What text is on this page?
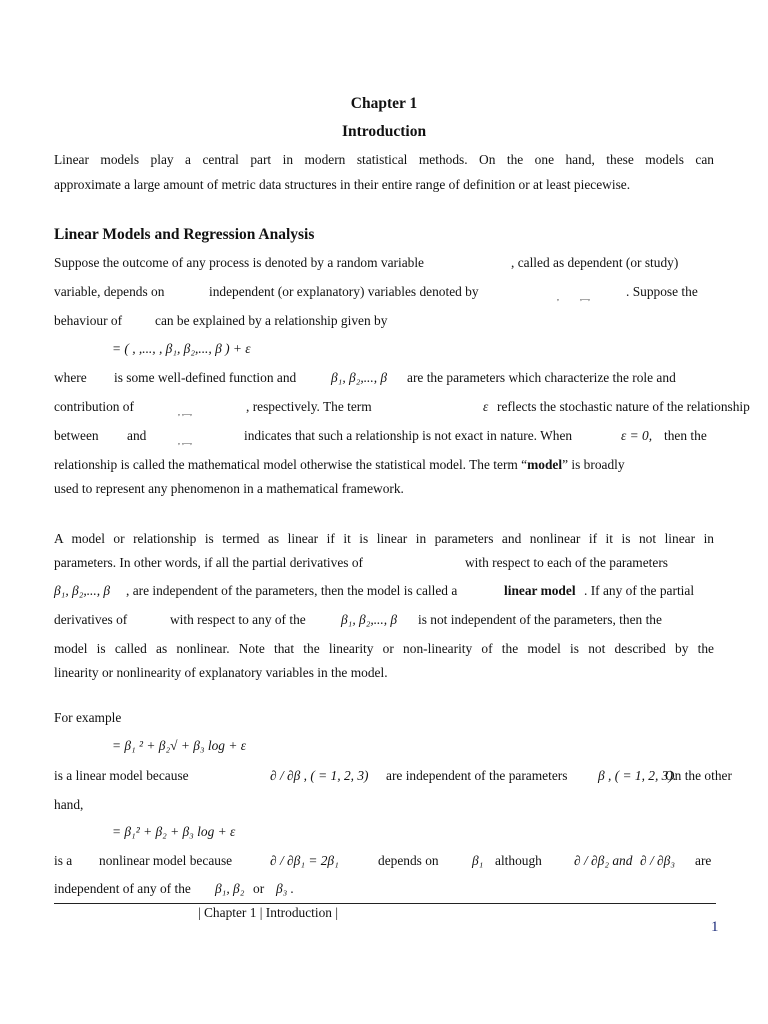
Chapter 1
Introduction
Linear models play a central part in modern statistical methods. On the one hand, these models can
approximate a large amount of metric data structures in their entire range of definition or at least piecewise.
Linear Models and Regression Analysis
Suppose the outcome of any process is denoted by a random variable	, called as dependent (or study)
variable, depends on	independent (or explanatory) variables denoted by	,	,...,	. Suppose the
behaviour of can be explained by a relationship given by
= ( , ,..., , β₁, β₂,..., β ) + ε
where is some well-defined function and	β₁, β₂,..., β are the parameters which characterize the role and
contribution of	, ,...,	, respectively. The term	ε reflects the stochastic nature of the relationship
between and	, ,...,	indicates that such a relationship is not exact in nature. When	ε = 0, then the
relationship is called the mathematical model otherwise the statistical model. The term “model” is broadly
used to represent any phenomenon in a mathematical framework.
A model or relationship is termed as linear if it is linear in parameters and nonlinear if it is not linear in
parameters. In other words, if all the partial derivatives of	with respect to each of the parameters
β₁, β₂,..., β , are independent of the parameters, then the model is called a	linear model . If any of the partial
derivatives of	with respect to any of the	β₁, β₂,..., β is not independent of the parameters, then the
model is called as nonlinear. Note that the linearity or non-linearity of the model is not described by the
linearity or nonlinearity of explanatory variables in the model.
For example
= β₁ ² + β₂√ + β₃ log + ε
is a linear model because	∂ / ∂β , ( = 1, 2, 3) are independent of the parameters β , ( = 1, 2, 3).
On the other
hand,
= β₁² + β₂ + β₃ log + ε
is a nonlinear model because	∂ / ∂β₁ = 2β₁	depends on β₁ although ∂ / ∂β₂ and ∂ / ∂β₃ are
independent of any of the β₁, β₂ or β₃ .
| Chapter 1 | Introduction |
1
